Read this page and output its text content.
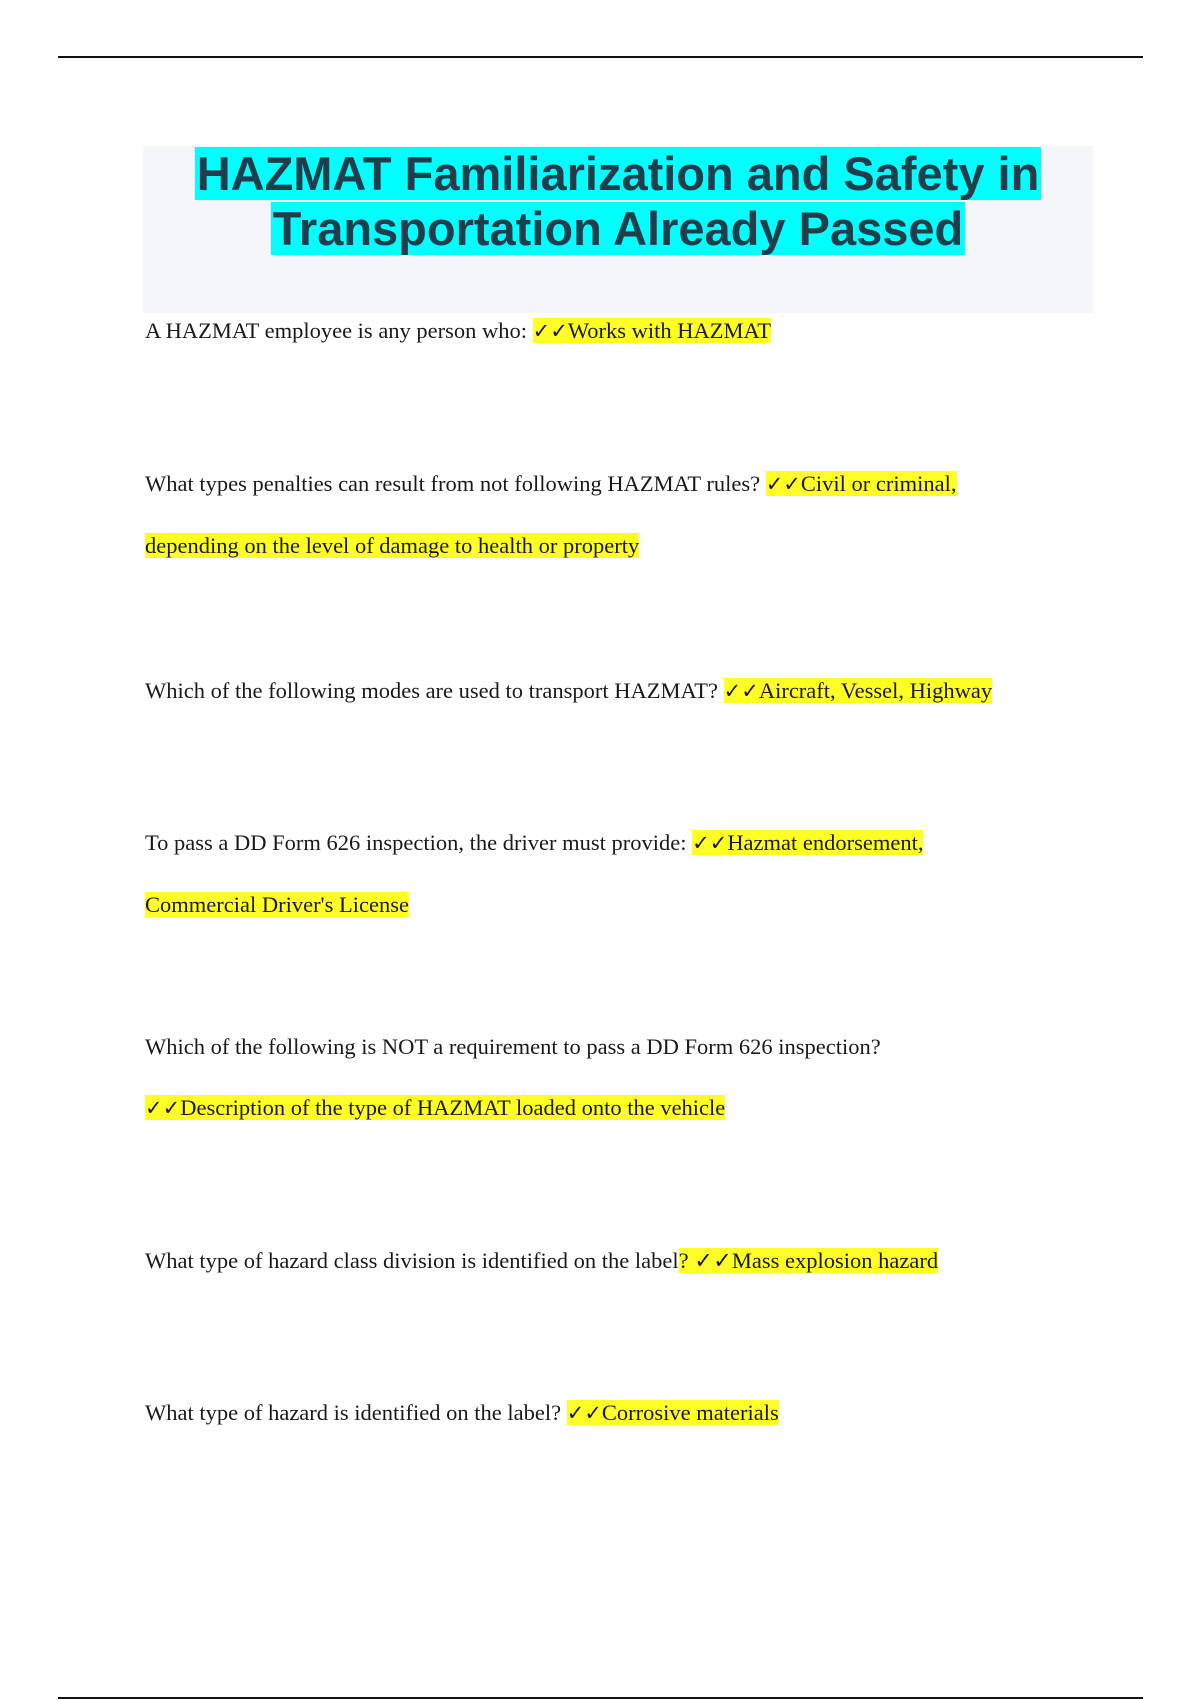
HAZMAT Familiarization and Safety in
Transportation Already Passed

A HAZMAT employee is any person who: ✓✓Works with HAZMAT

What types penalties can result from not following HAZMAT rules? ✓✓Civil or criminal, depending on the level of damage to health or property

Which of the following modes are used to transport HAZMAT? ✓✓Aircraft, Vessel, Highway

To pass a DD Form 626 inspection, the driver must provide: ✓✓Hazmat endorsement, Commercial Driver's License

Which of the following is NOT a requirement to pass a DD Form 626 inspection? ✓✓Description of the type of HAZMAT loaded onto the vehicle

What type of hazard class division is identified on the label? ✓✓Mass explosion hazard

What type of hazard is identified on the label? ✓✓Corrosive materials
